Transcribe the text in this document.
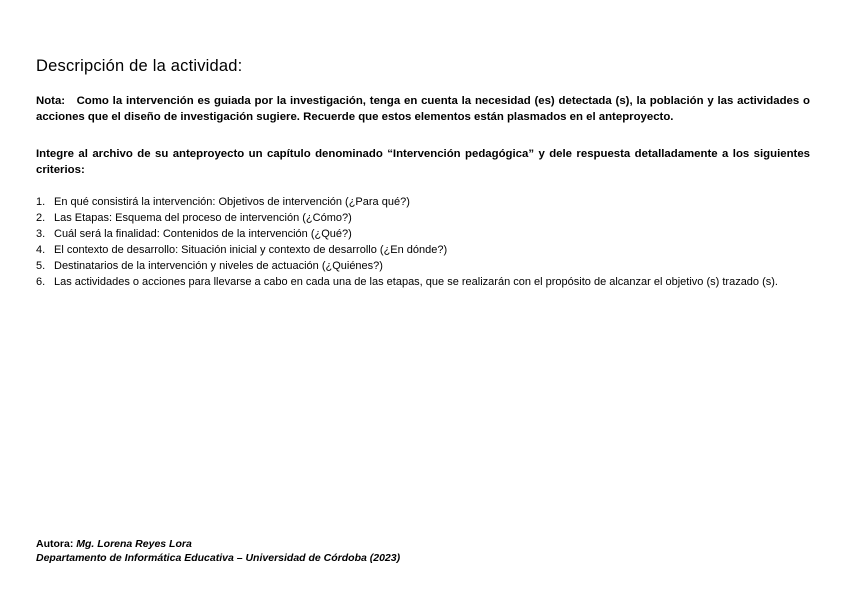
Descripción de la actividad:

Nota: Como la intervención es guiada por la investigación, tenga en cuenta la necesidad (es) detectada (s), la población y las actividades o acciones que el diseño de investigación sugiere. Recuerde que estos elementos están plasmados en el anteproyecto.

Integre al archivo de su anteproyecto un capítulo denominado “Intervención pedagógica” y dele respuesta detalladamente a los siguientes criterios:

1. En qué consistirá la intervención: Objetivos de intervención (¿Para qué?)
2. Las Etapas: Esquema del proceso de intervención (¿Cómo?)
3. Cuál será la finalidad: Contenidos de la intervención (¿Qué?)
4. El contexto de desarrollo: Situación inicial y contexto de desarrollo (¿En dónde?)
5. Destinatarios de la intervención y niveles de actuación (¿Quiénes?)
6. Las actividades o acciones para llevarse a cabo en cada una de las etapas, que se realizarán con el propósito de alcanzar el objetivo (s) trazado (s).
Autora: Mg. Lorena Reyes Lora
Departamento de Informática Educativa – Universidad de Córdoba (2023)
